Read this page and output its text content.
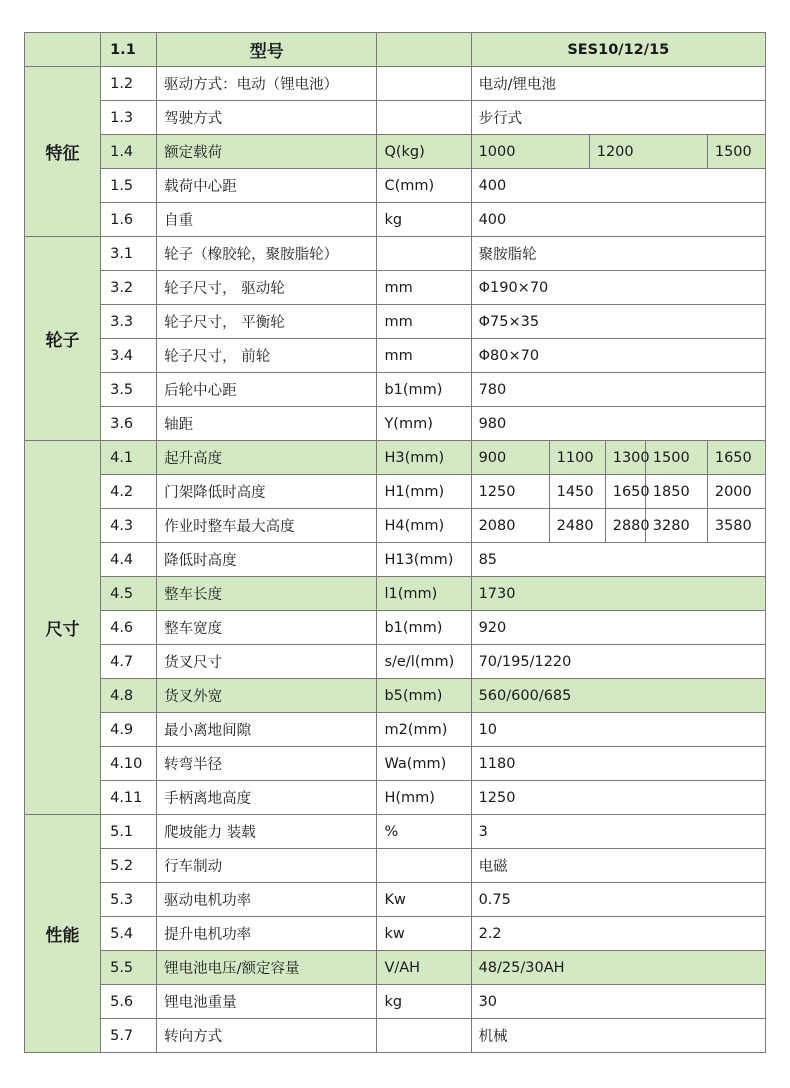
	1.1	型号		SES10/12/15					
特征	1.2	驱动方式：电动（锂电池）		电动/锂电池					
	1.3	驾驶方式		步行式					
	1.4	额定载荷	Q(kg)	1000		1200			1500
	1.5	载荷中心距	C(mm)	400					
	1.6	自重	kg	400					
轮子	3.1	轮子（橡胶轮，聚胺脂轮）		聚胺脂轮					
	3.2	轮子尺寸， 驱动轮	mm	Φ190×70					
	3.3	轮子尺寸， 平衡轮	mm	Φ75×35					
	3.4	轮子尺寸， 前轮	mm	Φ80×70					
	3.5	后轮中心距	b1(mm)	780					
	3.6	轴距	Y(mm)	980					
尺寸	4.1	起升高度	H3(mm)	900	1100		1300	1500	1650
	4.2	门架降低时高度	H1(mm)	1250	1450		1650	1850	2000
	4.3	作业时整车最大高度	H4(mm)	2080	2480		2880	3280	3580
	4.4	降低时高度	H13(mm)	85					
	4.5	整车长度	l1(mm)	1730					
	4.6	整车宽度	b1(mm)	920					
	4.7	货叉尺寸	s/e/l(mm)	70/195/1220					
	4.8	货叉外宽	b5(mm)	560/600/685					
	4.9	最小离地间隙	m2(mm)	10					
	4.10	转弯半径	Wa(mm)	1180					
	4.11	手柄离地高度	H(mm)	1250					
性能	5.1	爬坡能力 装载	%	3					
	5.2	行车制动		电磁					
	5.3	驱动电机功率	Kw	0.75					
	5.4	提升电机功率	kw	2.2					
	5.5	锂电池电压/额定容量	V/AH	48/25/30AH					
	5.6	锂电池重量	kg	30					
	5.7	转向方式		机械					
